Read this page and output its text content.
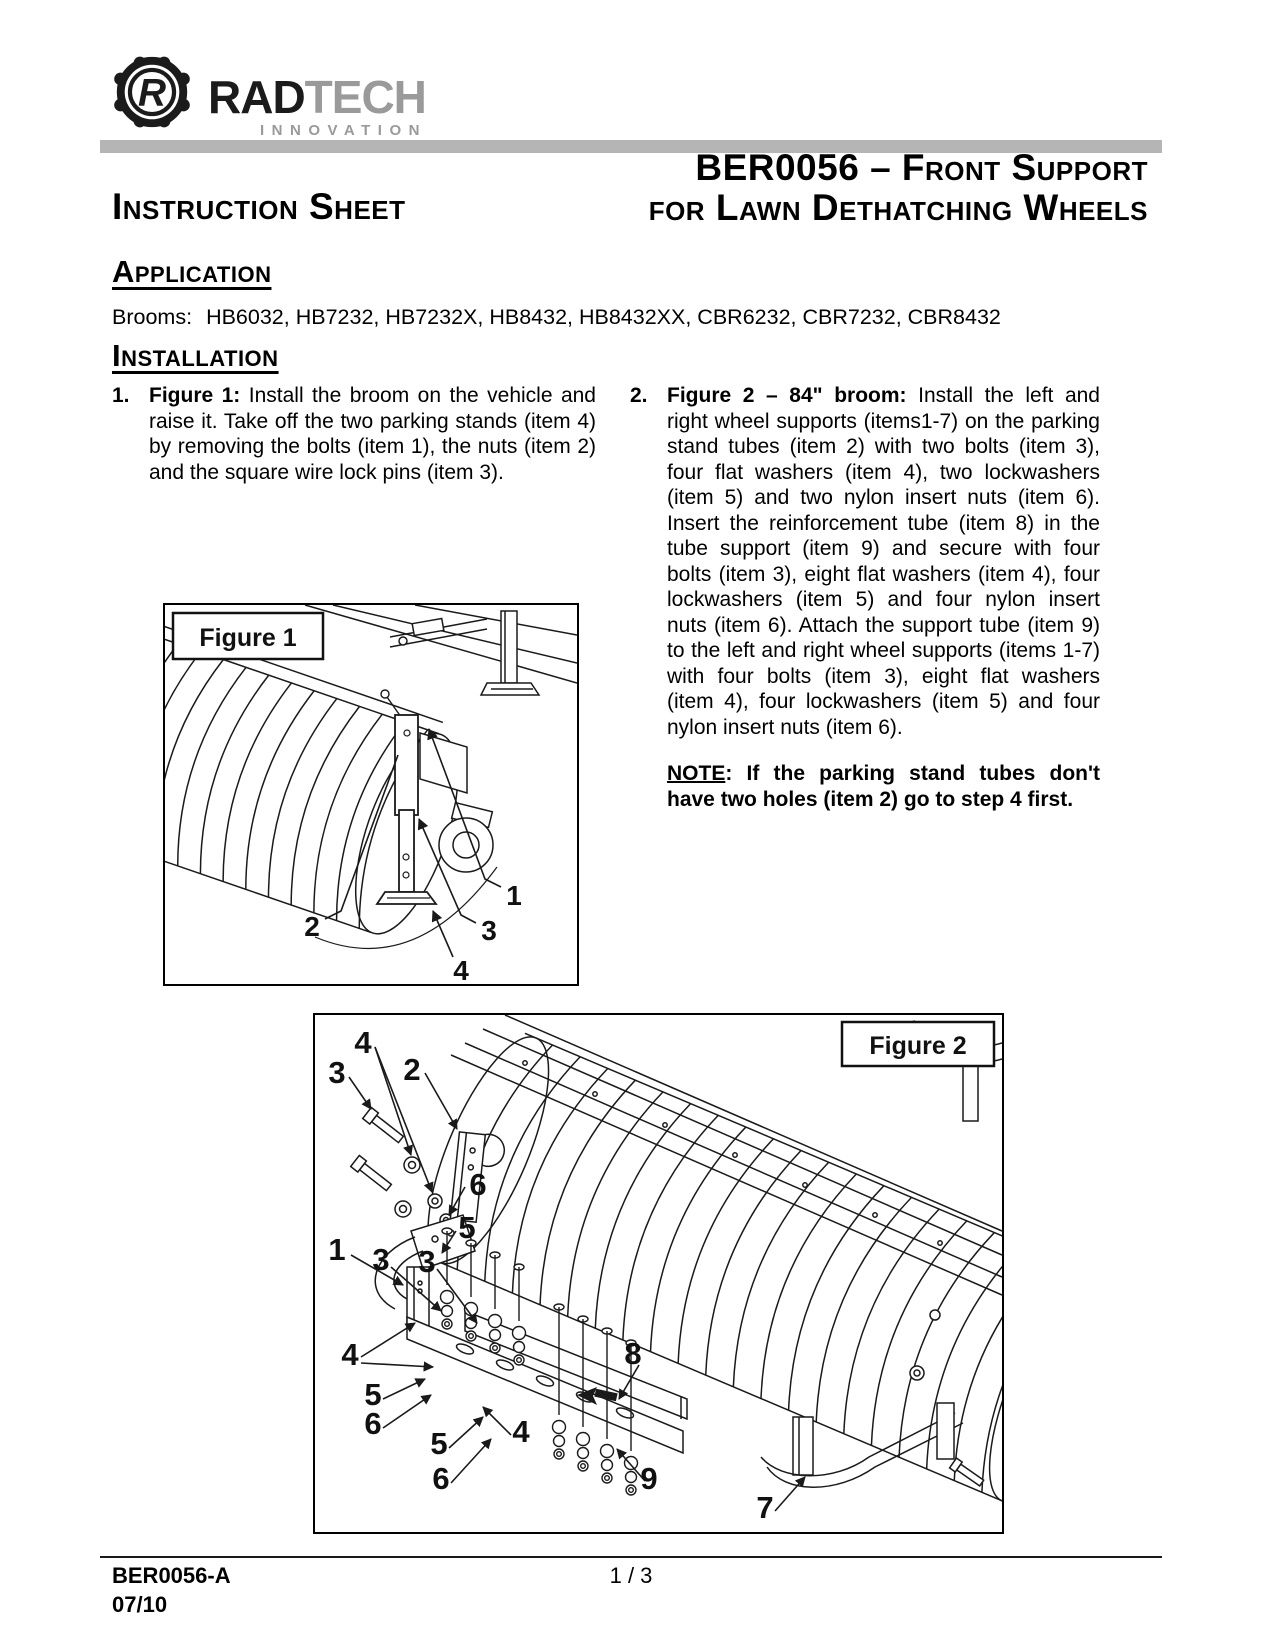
R RADTECH
INNOVATION
BER0056 – Front Support
for Lawn Dethatching Wheels
Instruction Sheet
Application
Brooms: HB6032, HB7232, HB7232X, HB8432, HB8432XX, CBR6232, CBR7232, CBR8432
Installation
1. Figure 1: Install the broom on the vehicle and raise it. Take off the two parking stands (item 4) by removing the bolts (item 1), the nuts (item 2) and the square wire lock pins (item 3).
2. Figure 2 – 84" broom: Install the left and right wheel supports (items1-7) on the parking stand tubes (item 2) with two bolts (item 3), four flat washers (item 4), two lockwashers (item 5) and two nylon insert nuts (item 6). Insert the reinforcement tube (item 8) in the tube support (item 9) and secure with four bolts (item 3), eight flat washers (item 4), four lockwashers (item 5) and four nylon insert nuts (item 6). Attach the support tube (item 9) to the left and right wheel supports (items 1-7) with four bolts (item 3), eight flat washers (item 4), four lockwashers (item 5) and four nylon insert nuts (item 6).
NOTE: If the parking stand tubes don't have two holes (item 2) go to step 4 first.
Figure 1
2
1
3
4
Figure 2
4
3 2
6
5
1 3 3
4
5
6
5
6
4
8
9
7
BER0056-A	1 / 3
07/10
